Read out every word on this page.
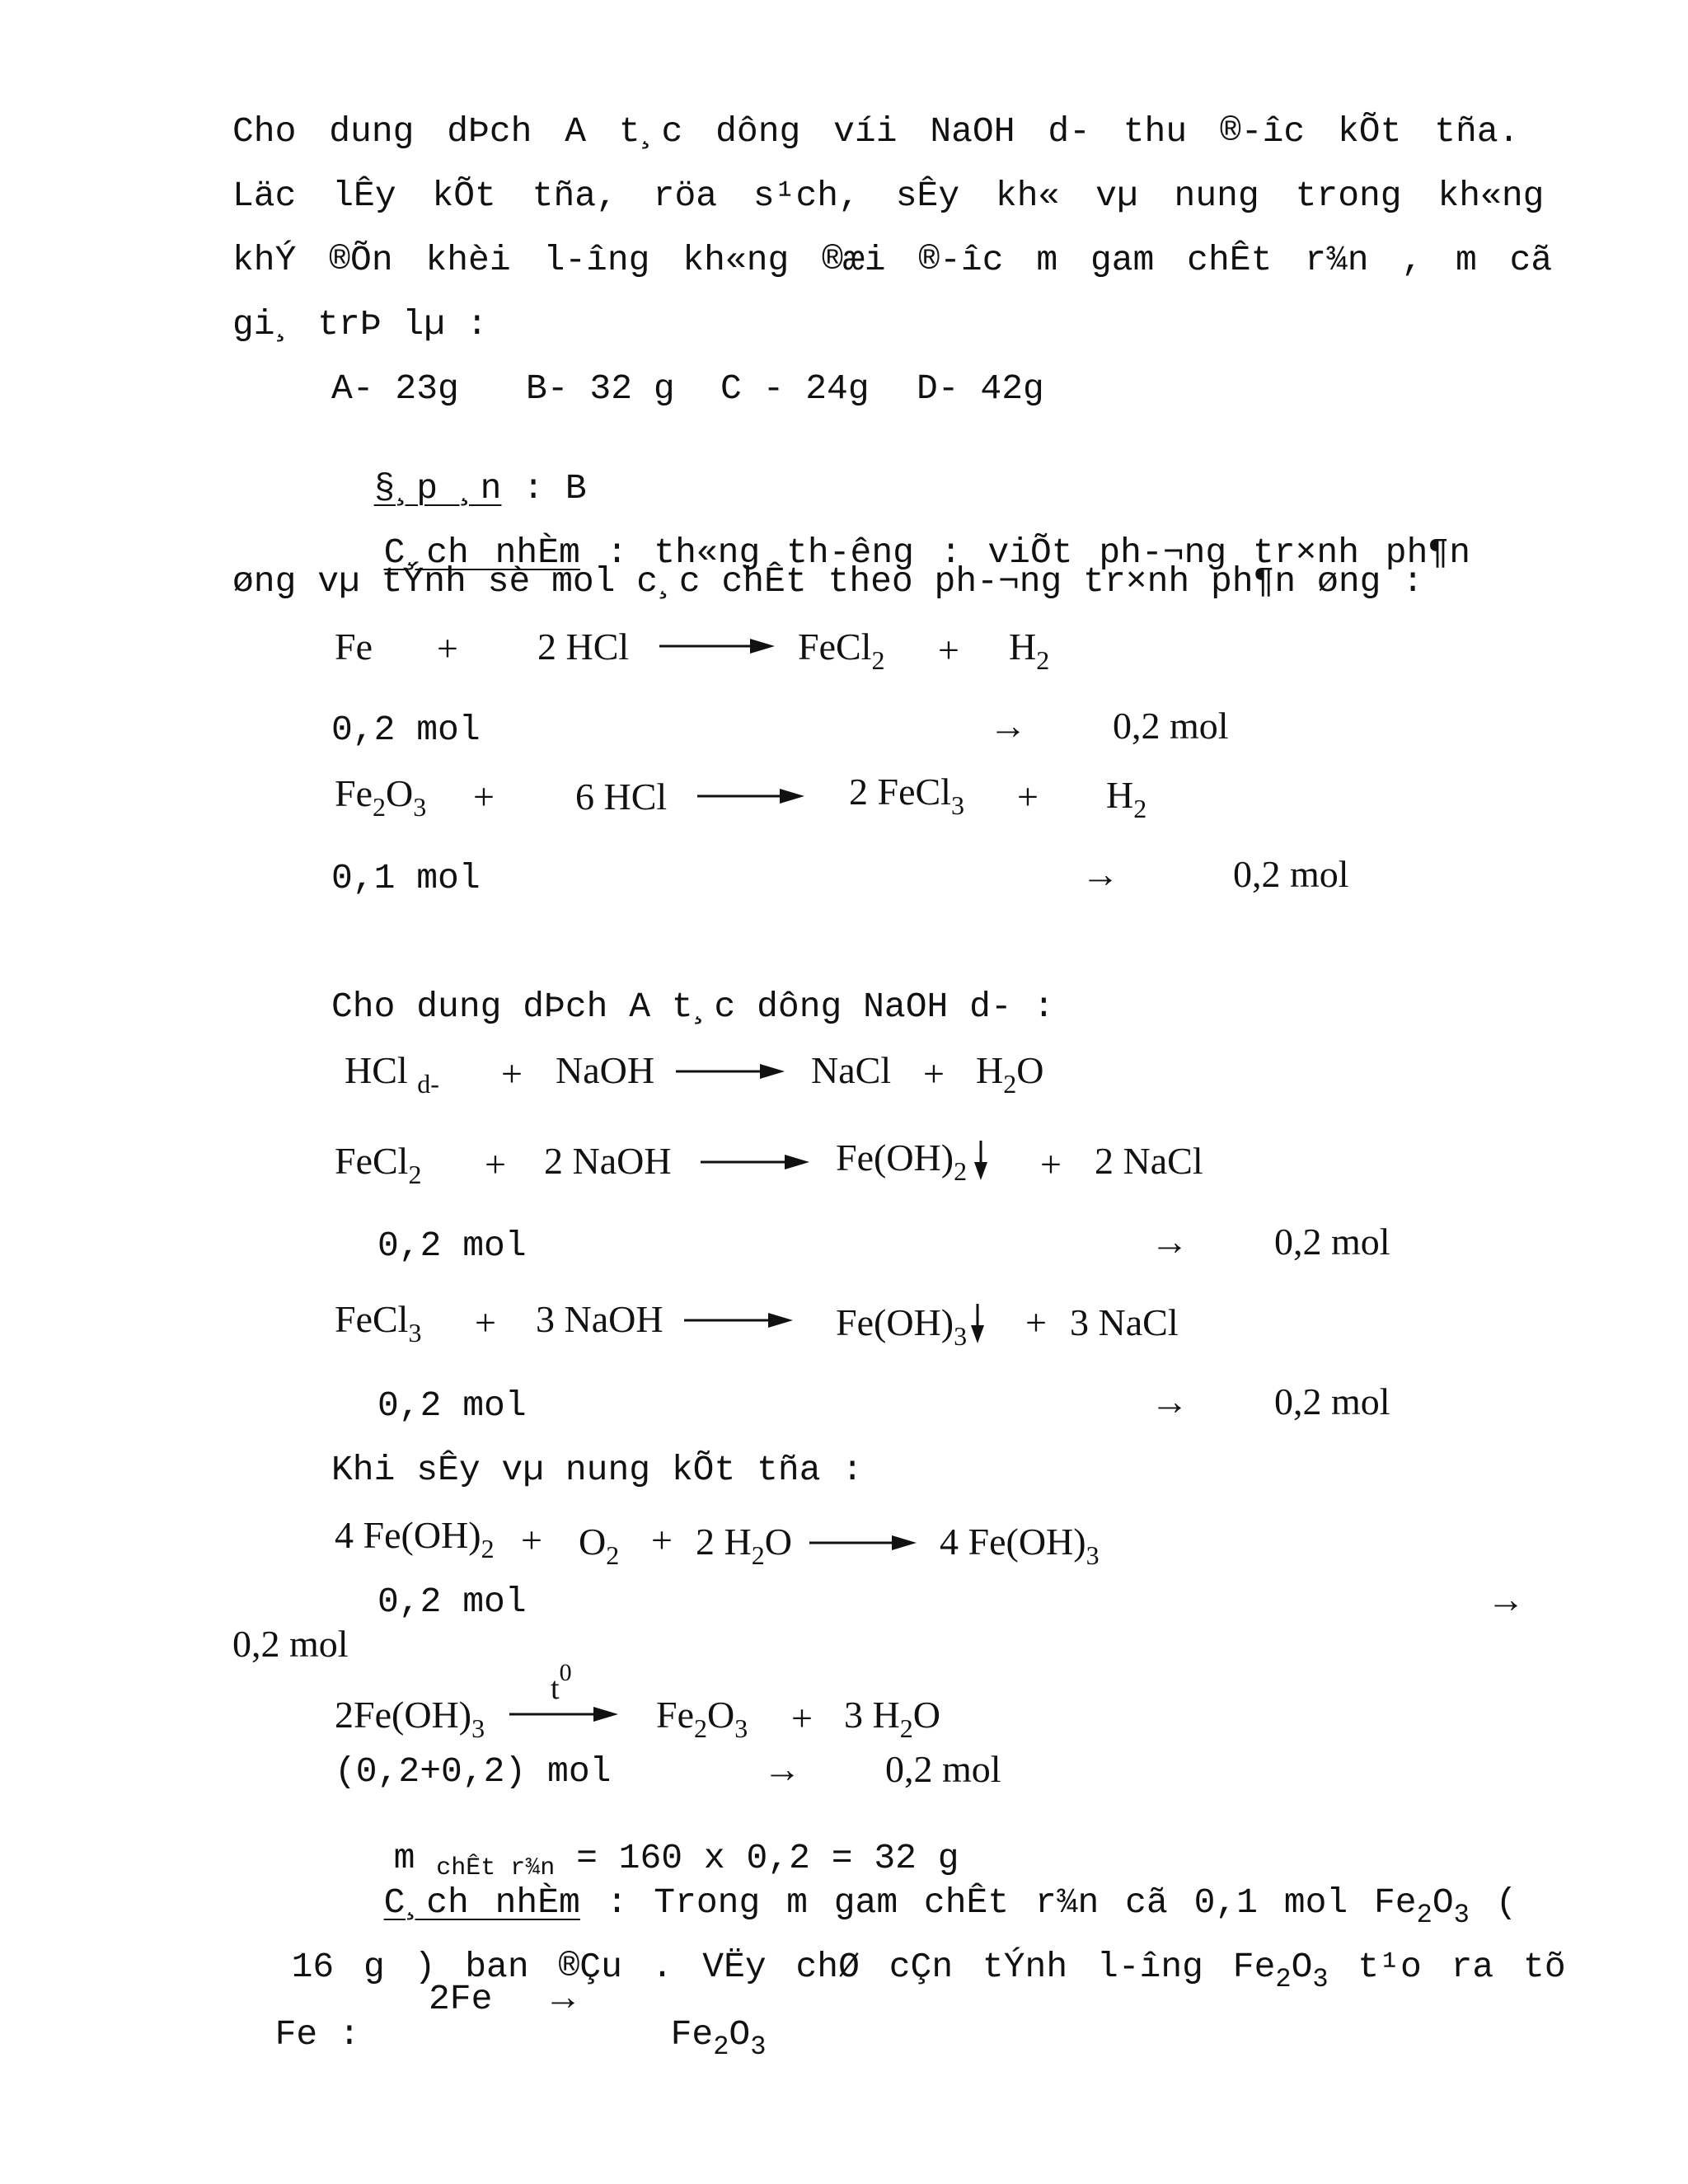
Cho dung dÞch A t¸c dông víi NaOH d- thu ®-îc kÕt tña.
Läc lÊy kÕt tña, röa s¹ch, sÊy kh« vµ nung trong kh«ng
khÝ ®Õn khèi l-îng kh«ng ®æi ®-îc m gam chÊt r¾n , m cã
gi¸ trÞ lµ :
A- 23g B- 32 g C - 24g D- 42g

§¸p ¸n : B

C¸ch nhÈm : th«ng th-êng : viÕt ph-¬ng tr×nh ph¶n

øng vµ tÝnh sè mol c¸c chÊt theo ph-¬ng tr×nh ph¶n øng :
Fe + 2 HCl	FeCl$_2$ + $H_2$
0,2 mol	→ 0,2 mol
$Fe_2O_3 + 6$ HCl	2 FeCl$_3$ + $H_2$
0,1 mol	→	0,2 mol
Cho dung dÞch A t¸c dông NaOH d- :
HCl $_{d-}$ + NaOH	NaCl + $H_2O$
FeCl$_2$ + 2 NaOH	$Fe(OH)_2 + 2$ NaCl
0,2 mol	→ 0,2 mol
FeCl$_3$ + 3 NaOH	$Fe(OH)_3 + 3$ NaCl
0,2 mol	→ 0,2 mol
Khi sÊy vµ nung kÕt tña :
4 $Fe(OH)_2 + O_2 + 2$ $H_2O$	4 $Fe(OH)_3$
0,2 mol	→
0,2 mol
$2Fe(OH)_3$
$t^0$
$Fe_2O_3 + 3$ $H_2O$
(0,2+0,2) mol	→ 0,2 mol

m chÊt r¾n = 160 x 0,2 = 32 g

C¸ch nhÈm : Trong m gam chÊt r¾n cã 0,1 mol $Fe_2O_3$ (

16 g ) ban ®Çu . VËy chØ cÇn tÝnh l-îng $Fe_2O_3$ t¹o ra tõ

Fe :

2Fe →

$Fe_2O_3$
